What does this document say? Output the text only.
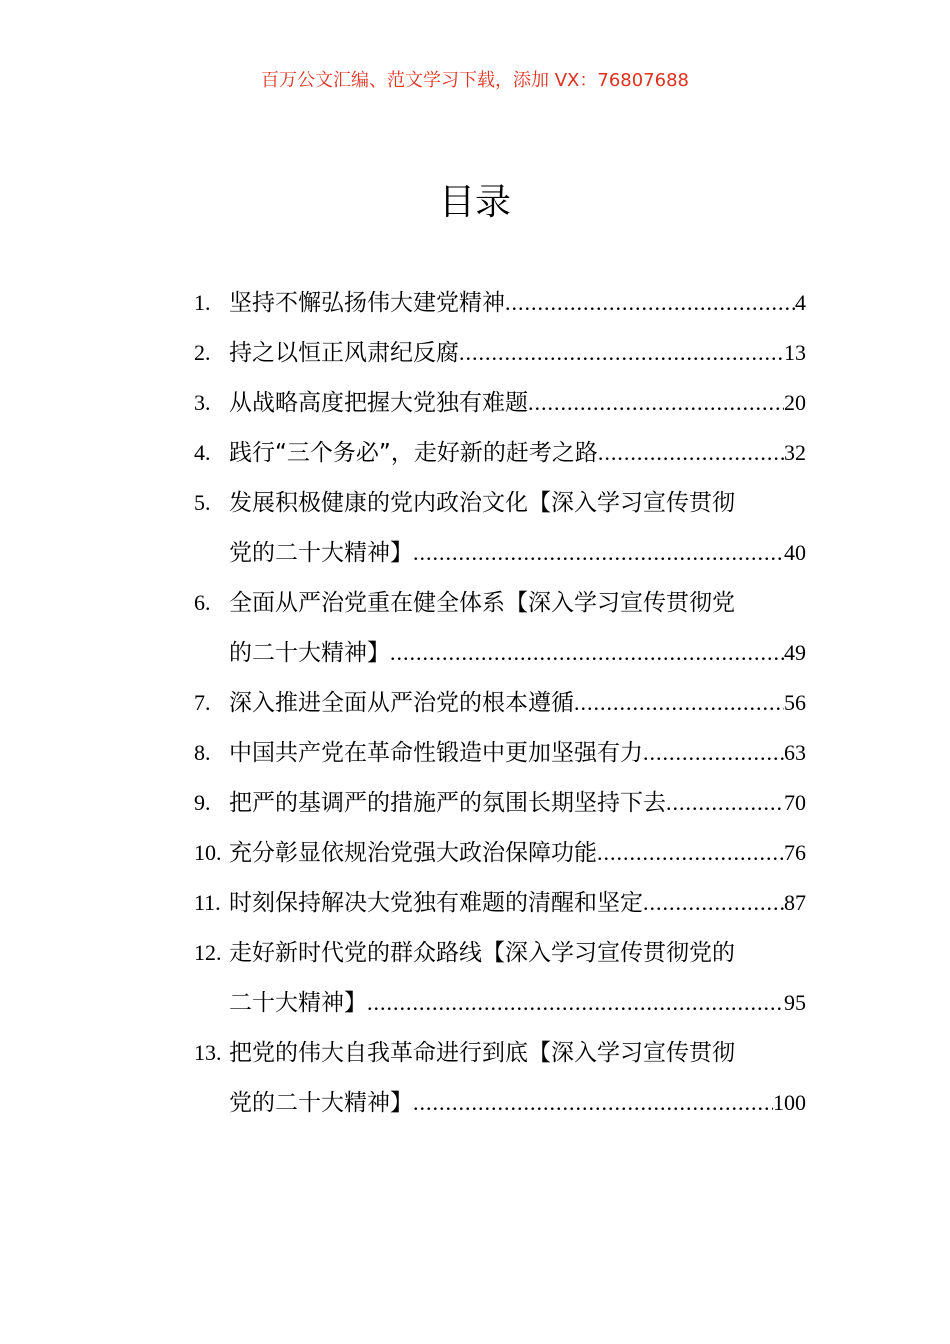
百万公文汇编、范文学习下载，添加 VX：76807688
目录
1. 坚持不懈弘扬伟大建党精神 .....	4
2. 持之以恒正风肃纪反腐 .....	13
3. 从战略高度把握大党独有难题 .....	20
4. 践行“三个务必”，走好新的赶考之路 .....	32
5. 发展积极健康的党内政治文化【深入学习宣传贯彻
党的二十大精神】 .....	40
6. 全面从严治党重在健全体系【深入学习宣传贯彻党
的二十大精神】 .....	49
7. 深入推进全面从严治党的根本遵循 .....	56
8. 中国共产党在革命性锻造中更加坚强有力 .....	63
9. 把严的基调严的措施严的氛围长期坚持下去 .....	70
10. 充分彰显依规治党强大政治保障功能 .....	76
11. 时刻保持解决大党独有难题的清醒和坚定 .....	87
12. 走好新时代党的群众路线【深入学习宣传贯彻党的
二十大精神】 .....	95
13. 把党的伟大自我革命进行到底【深入学习宣传贯彻
党的二十大精神】 .....	100
